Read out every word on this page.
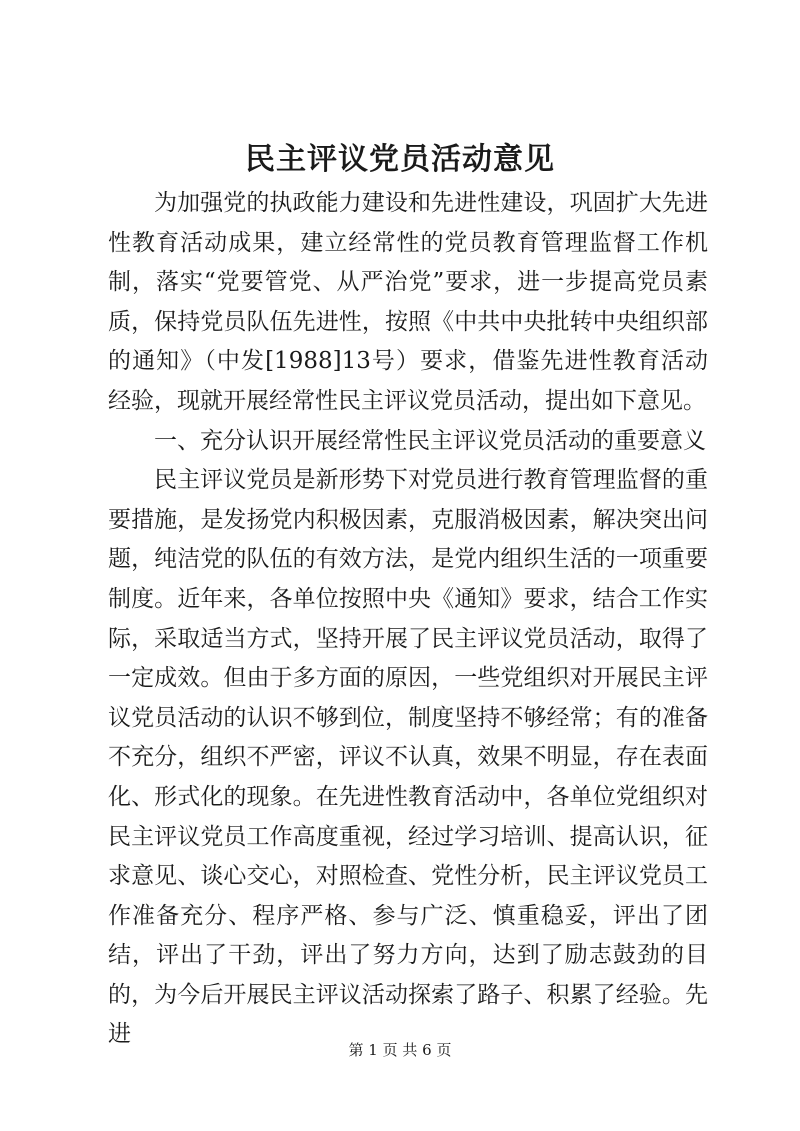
民主评议党员活动意见

为加强党的执政能力建设和先进性建设，巩固扩大先进性教育活动成果，建立经常性的党员教育管理监督工作机制，落实“党要管党、从严治党”要求，进一步提高党员素质，保持党员队伍先进性，按照《中共中央批转中央组织部的通知》（中发[1988]13号）要求，借鉴先进性教育活动经验，现就开展经常性民主评议党员活动，提出如下意见。

一、充分认识开展经常性民主评议党员活动的重要意义

民主评议党员是新形势下对党员进行教育管理监督的重要措施，是发扬党内积极因素，克服消极因素，解决突出问题，纯洁党的队伍的有效方法，是党内组织生活的一项重要制度。近年来，各单位按照中央《通知》要求，结合工作实际，采取适当方式，坚持开展了民主评议党员活动，取得了一定成效。但由于多方面的原因，一些党组织对开展民主评议党员活动的认识不够到位，制度坚持不够经常；有的准备不充分，组织不严密，评议不认真，效果不明显，存在表面化、形式化的现象。在先进性教育活动中，各单位党组织对民主评议党员工作高度重视，经过学习培训、提高认识，征求意见、谈心交心，对照检查、党性分析，民主评议党员工作准备充分、程序严格、参与广泛、慎重稳妥，评出了团结，评出了干劲，评出了努力方向，达到了励志鼓劲的目的，为今后开展民主评议活动探索了路子、积累了经验。先进

第 1 页 共 6 页
